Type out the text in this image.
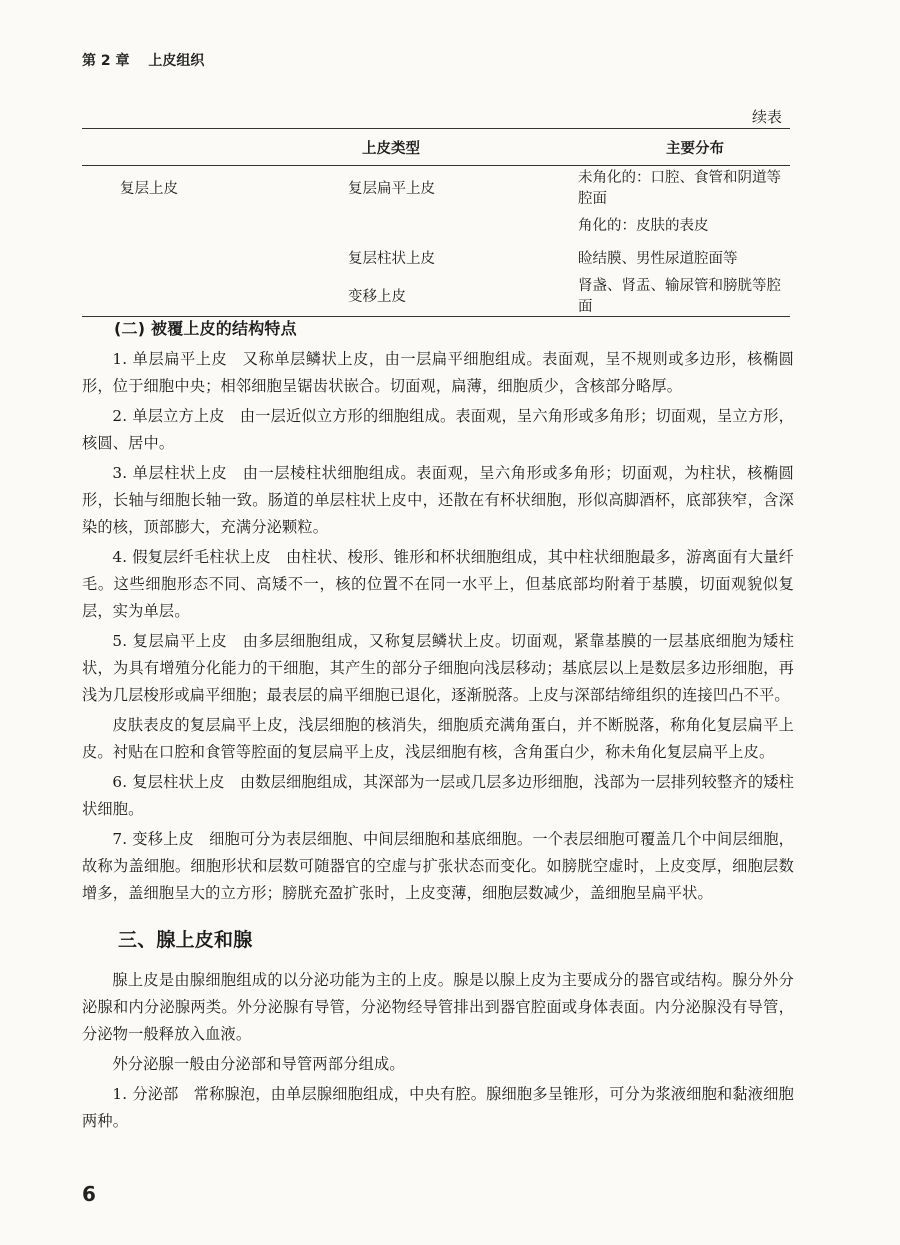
第 2 章 上皮组织
续表
	上皮类型	主要分布
复层上皮	复层扁平上皮	未角化的：口腔、食管和阴道等腔面
		角化的：皮肤的表皮
	复层柱状上皮	睑结膜、男性尿道腔面等
	变移上皮	肾盏、肾盂、输尿管和膀胱等腔面
(二) 被覆上皮的结构特点

1. 单层扁平上皮 又称单层鳞状上皮，由一层扁平细胞组成。表面观，呈不规则或多边形，核椭圆形，位于细胞中央；相邻细胞呈锯齿状嵌合。切面观，扁薄，细胞质少，含核部分略厚。

2. 单层立方上皮 由一层近似立方形的细胞组成。表面观，呈六角形或多角形；切面观，呈立方形，核圆、居中。

3. 单层柱状上皮 由一层棱柱状细胞组成。表面观，呈六角形或多角形；切面观，为柱状，核椭圆形，长轴与细胞长轴一致。肠道的单层柱状上皮中，还散在有杯状细胞，形似高脚酒杯，底部狭窄，含深染的核，顶部膨大，充满分泌颗粒。

4. 假复层纤毛柱状上皮 由柱状、梭形、锥形和杯状细胞组成，其中柱状细胞最多，游离面有大量纤毛。这些细胞形态不同、高矮不一，核的位置不在同一水平上，但基底部均附着于基膜，切面观貌似复层，实为单层。

5. 复层扁平上皮 由多层细胞组成，又称复层鳞状上皮。切面观，紧靠基膜的一层基底细胞为矮柱状，为具有增殖分化能力的干细胞，其产生的部分子细胞向浅层移动；基底层以上是数层多边形细胞，再浅为几层梭形或扁平细胞；最表层的扁平细胞已退化，逐渐脱落。上皮与深部结缔组织的连接凹凸不平。

皮肤表皮的复层扁平上皮，浅层细胞的核消失，细胞质充满角蛋白，并不断脱落，称角化复层扁平上皮。衬贴在口腔和食管等腔面的复层扁平上皮，浅层细胞有核，含角蛋白少，称未角化复层扁平上皮。

6. 复层柱状上皮 由数层细胞组成，其深部为一层或几层多边形细胞，浅部为一层排列较整齐的矮柱状细胞。

7. 变移上皮 细胞可分为表层细胞、中间层细胞和基底细胞。一个表层细胞可覆盖几个中间层细胞，故称为盖细胞。细胞形状和层数可随器官的空虚与扩张状态而变化。如膀胱空虚时，上皮变厚，细胞层数增多，盖细胞呈大的立方形；膀胱充盈扩张时，上皮变薄，细胞层数减少，盖细胞呈扁平状。

三、腺上皮和腺

腺上皮是由腺细胞组成的以分泌功能为主的上皮。腺是以腺上皮为主要成分的器官或结构。腺分外分泌腺和内分泌腺两类。外分泌腺有导管，分泌物经导管排出到器官腔面或身体表面。内分泌腺没有导管，分泌物一般释放入血液。

外分泌腺一般由分泌部和导管两部分组成。

1. 分泌部 常称腺泡，由单层腺细胞组成，中央有腔。腺细胞多呈锥形，可分为浆液细胞和黏液细胞两种。

6
